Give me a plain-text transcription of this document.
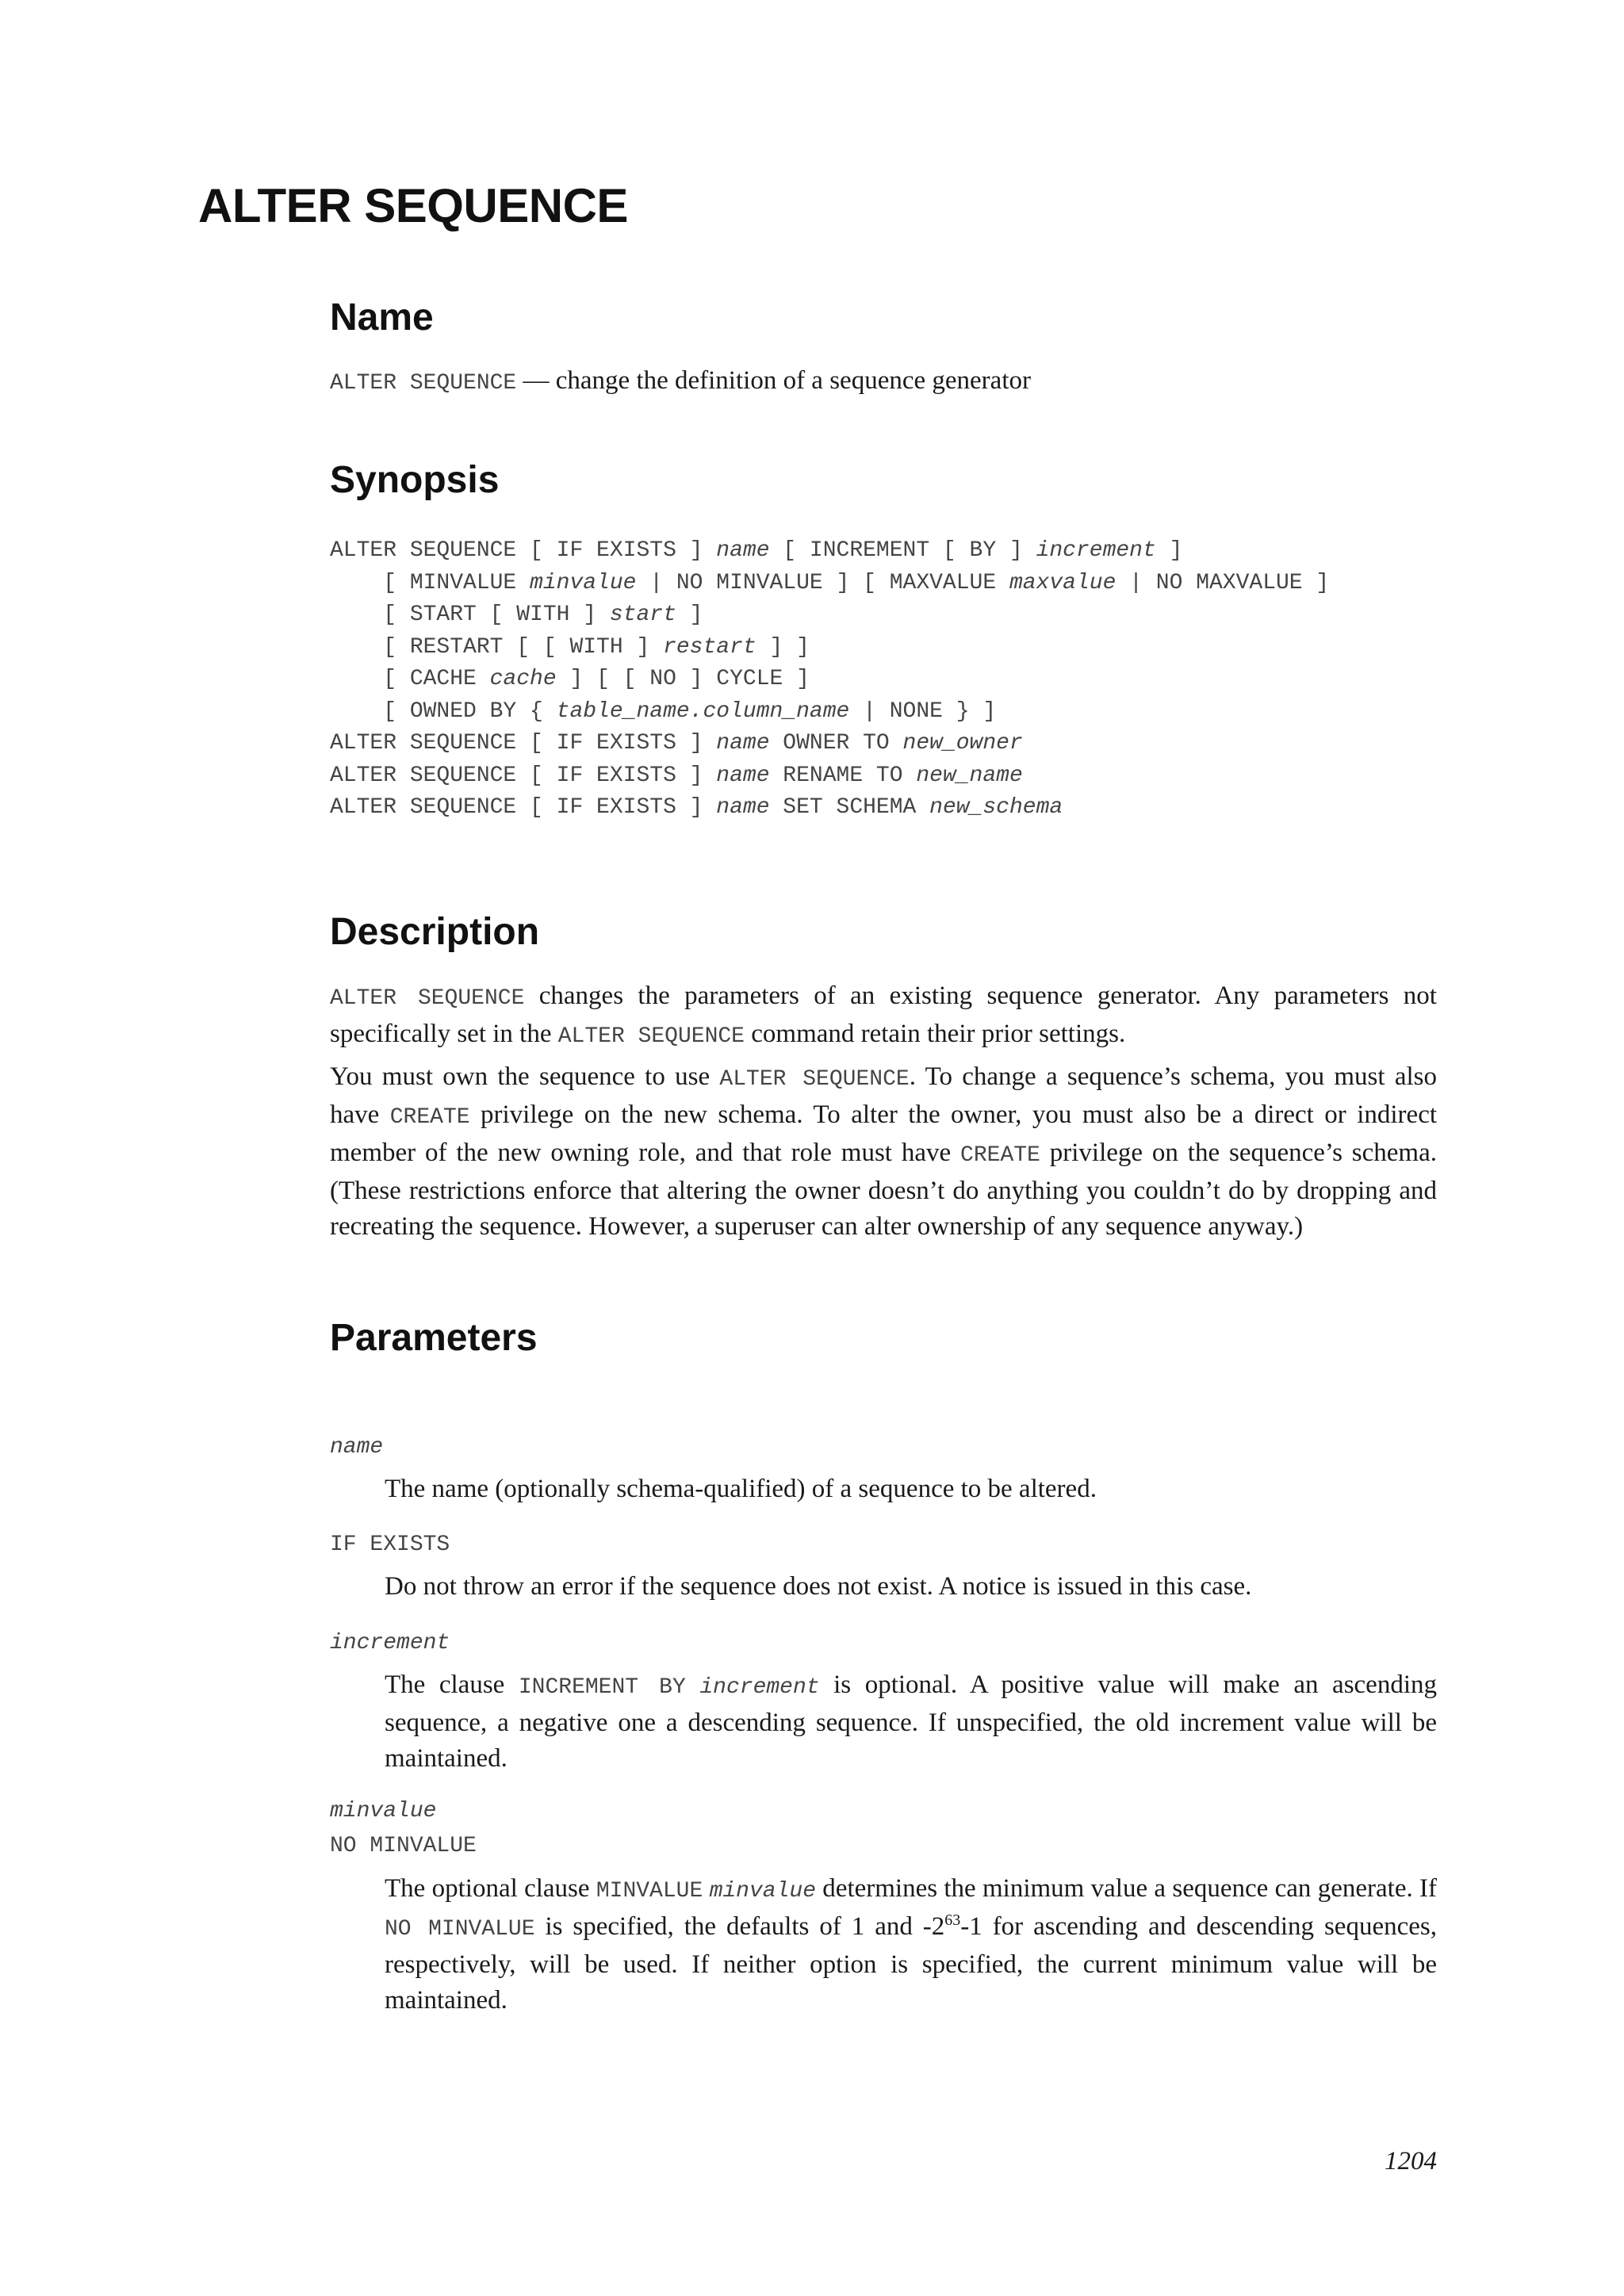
ALTER SEQUENCE
Name

ALTER SEQUENCE — change the definition of a sequence generator

Synopsis
ALTER SEQUENCE [ IF EXISTS ] name [ INCREMENT [ BY ] increment ]
[ MINVALUE minvalue | NO MINVALUE ] [ MAXVALUE maxvalue | NO MAXVALUE ]
[ START [ WITH ] start ]
[ RESTART [ [ WITH ] restart ] ]
[ CACHE cache ] [ [ NO ] CYCLE ]
[ OWNED BY { table_name.column_name | NONE } ]
ALTER SEQUENCE [ IF EXISTS ] name OWNER TO new_owner
ALTER SEQUENCE [ IF EXISTS ] name RENAME TO new_name
ALTER SEQUENCE [ IF EXISTS ] name SET SCHEMA new_schema
Description

ALTER SEQUENCE changes the parameters of an existing sequence generator. Any parameters not specifically set in the ALTER SEQUENCE command retain their prior settings.

You must own the sequence to use ALTER SEQUENCE. To change a sequence’s schema, you must also have CREATE privilege on the new schema. To alter the owner, you must also be a direct or indirect member of the new owning role, and that role must have CREATE privilege on the sequence’s schema. (These restrictions enforce that altering the owner doesn’t do anything you couldn’t do by dropping and recreating the sequence. However, a superuser can alter ownership of any sequence anyway.)

Parameters
name

The name (optionally schema-qualified) of a sequence to be altered.

IF EXISTS

Do not throw an error if the sequence does not exist. A notice is issued in this case.

increment

The clause INCREMENT BY increment is optional. A positive value will make an ascending sequence, a negative one a descending sequence. If unspecified, the old increment value will be maintained.

minvalue
NO MINVALUE

The optional clause MINVALUE minvalue determines the minimum value a sequence can generate. If NO MINVALUE is specified, the defaults of 1 and $-2^{63}-1$ for ascending and descending sequences, respectively, will be used. If neither option is specified, the current minimum value will be maintained.

1204
